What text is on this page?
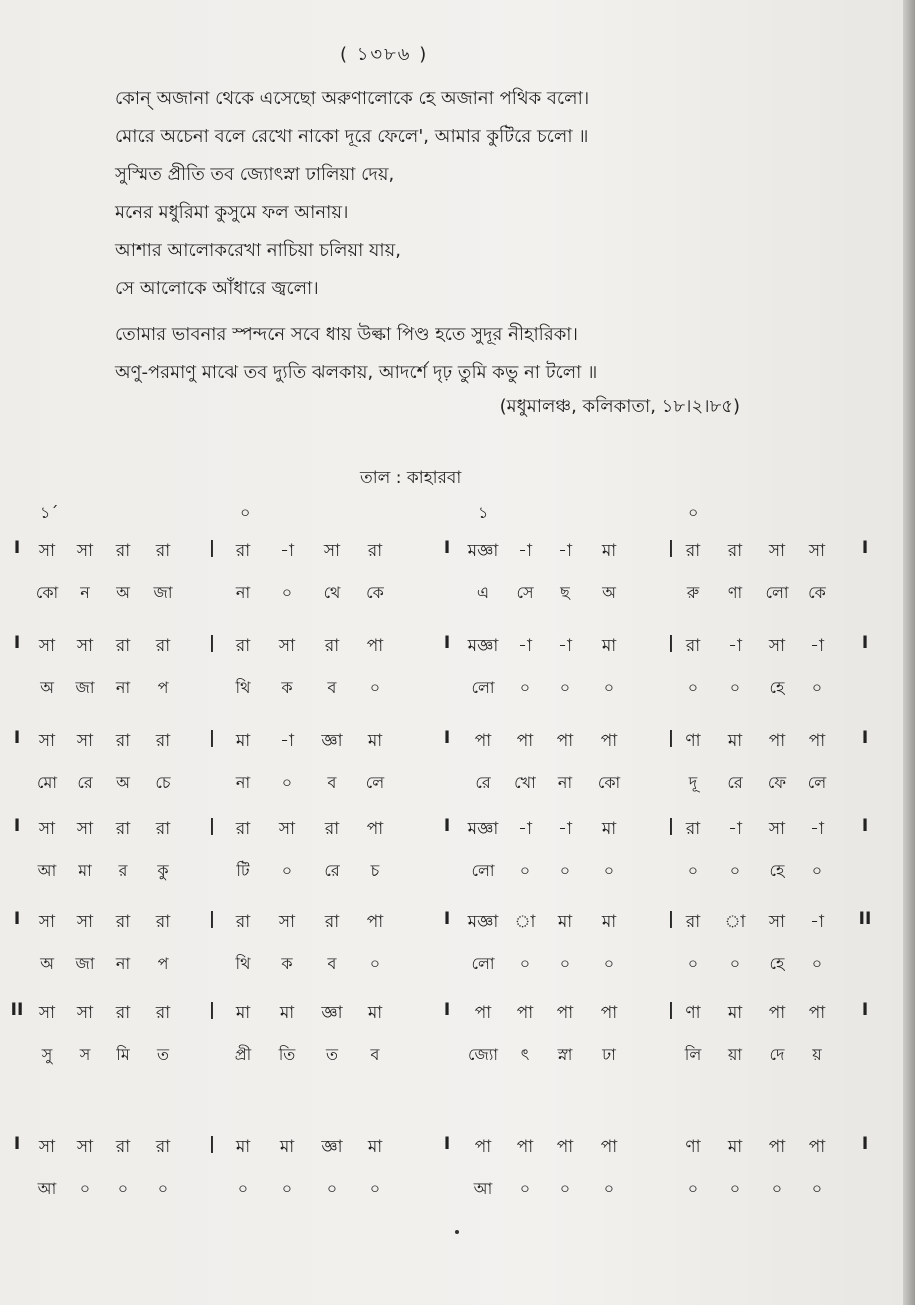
( ১৩৮৬ )
কোন্‌ অজানা থেকে এসেছো অরুণালোকে হে অজানা পথিক বলো।
মোরে অচেনা বলে রেখো নাকো দূরে ফেলে', আমার কুটিরে চলো ॥
সুস্মিত প্রীতি তব জ্যোৎস্না ঢালিয়া দেয়,
মনের মধুরিমা কুসুমে ফল আনায়।
আশার আলোকরেখা নাচিয়া চলিয়া যায়,
সে আলোকে আঁধারে জ্বলো।
তোমার ভাবনার স্পন্দনে সবে ধায় উল্কা পিণ্ড হতে সুদূর নীহারিকা।
অণু-পরমাণু মাঝে তব দ্যুতি ঝলকায়, আদর্শে দৃঢ় তুমি কভু না টলো ॥
(মধুমালঞ্চ, কলিকাতা, ১৮।২।৮৫)
তাল : কাহারবা
১´	০	১	০
I	সা	সা	রা	রা	রা	-া	সা	রা	মজ্ঞা	-া	-া	মা	রা	রা	সা	সা
|	I	|	I
কো	ন	অ	জা	না	০	থে	কে	এ	সে	ছ	অ	রু	ণা	লো	কে
I	সা	সা	রা	রা	রা	সা	রা	পা	মজ্ঞা	-া	-া	মা	রা	-া	সা	-া
|	I	|	I
অ	জা	না	প	থি	ক	ব	০	লো	০	০	০	০	০	হে	০
I	সা	সা	রা	রা	মা	-া	জ্ঞা	মা	পা	পা	পা	পা	ণা	মা	পা	পা
|	I	|	I
মো	রে	অ	চে	না	০	ব	লে	রে	খো	না	কো	দূ	রে	ফে	লে
I	সা	সা	রা	রা	রা	সা	রা	পা	মজ্ঞা	-া	-া	মা	রা	-া	সা	-া
|	I	|	I
আ	মা	র	কু	টি	০	রে	চ	লো	০	০	০	০	০	হে	০
I	সা	সা	রা	রা	রা	সা	রা	পা	মজ্ঞা া	মা	মা	রা	া	সা	-া
|	I	|	II
অ	জা	না	প	থি	ক	ব	০	লো	০	০	০	০	০	হে	০
II সা	সা	রা	রা	মা	মা	জ্ঞা	মা	পা	পা	পা	পা	ণা	মা	পা	পা
|	I	|	I
সু	স	মি	ত	প্রী	তি	ত	ব	জ্যো	ৎ	স্না	ঢা	লি	য়া	দে	য়
I	সা	সা	রা	রা	মা	মা	জ্ঞা	মা	পা	পা	পা	পা	ণা	মা	পা	পা
|	I	I
আ	০	০	০	০	০	০	০	আ	০	০	০	০	০	০	০
